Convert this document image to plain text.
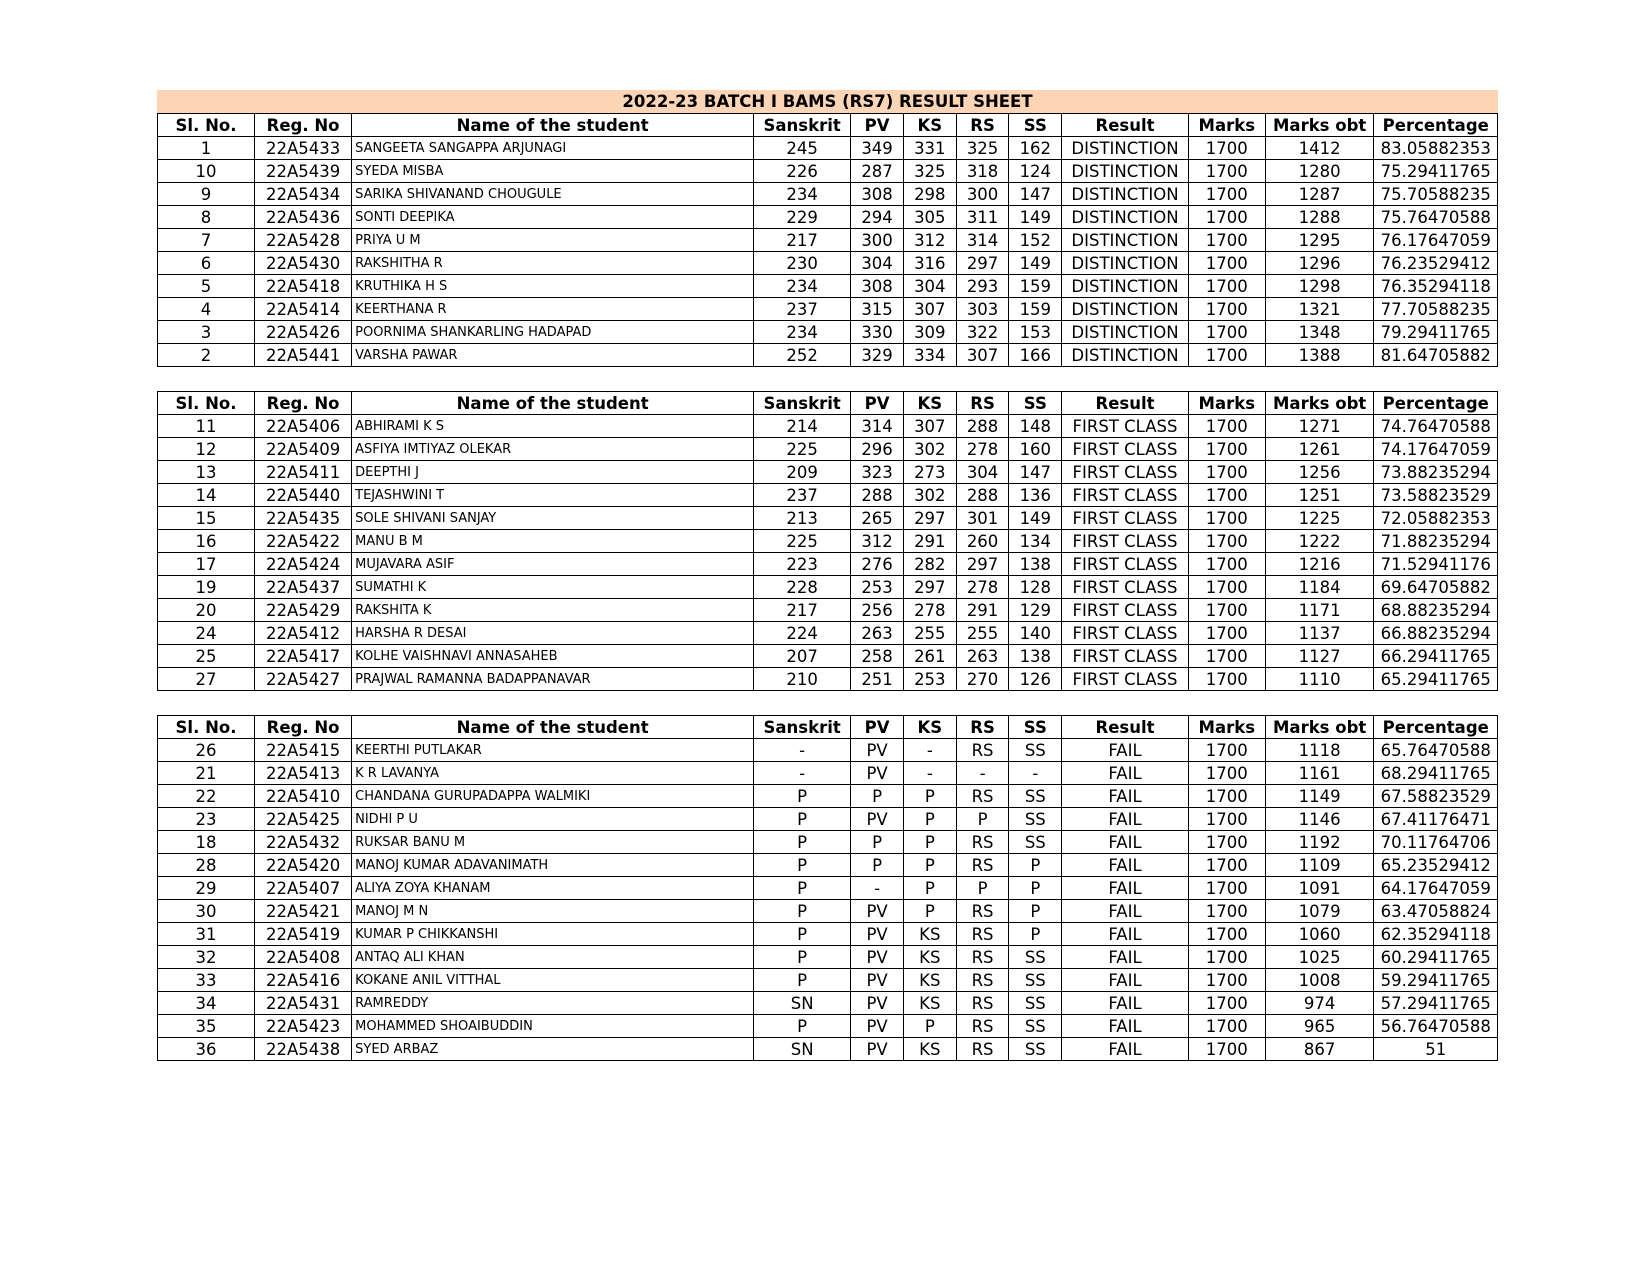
2022-23 BATCH I BAMS (RS7) RESULT SHEET
Sl. No.	Reg. No	Name of the student	Sanskrit	PV	KS	RS	SS	Result	Marks	Marks obt	Percentage
1	22A5433	SANGEETA SANGAPPA ARJUNAGI	245	349	331	325	162	DISTINCTION	1700	1412	83.05882353
10	22A5439	SYEDA MISBA	226	287	325	318	124	DISTINCTION	1700	1280	75.29411765
9	22A5434	SARIKA SHIVANAND CHOUGULE	234	308	298	300	147	DISTINCTION	1700	1287	75.70588235
8	22A5436	SONTI DEEPIKA	229	294	305	311	149	DISTINCTION	1700	1288	75.76470588
7	22A5428	PRIYA U M	217	300	312	314	152	DISTINCTION	1700	1295	76.17647059
6	22A5430	RAKSHITHA R	230	304	316	297	149	DISTINCTION	1700	1296	76.23529412
5	22A5418	KRUTHIKA H S	234	308	304	293	159	DISTINCTION	1700	1298	76.35294118
4	22A5414	KEERTHANA R	237	315	307	303	159	DISTINCTION	1700	1321	77.70588235
3	22A5426	POORNIMA SHANKARLING HADAPAD	234	330	309	322	153	DISTINCTION	1700	1348	79.29411765
2	22A5441	VARSHA PAWAR	252	329	334	307	166	DISTINCTION	1700	1388	81.64705882
Sl. No.	Reg. No	Name of the student	Sanskrit	PV	KS	RS	SS	Result	Marks	Marks obt	Percentage
11	22A5406	ABHIRAMI K S	214	314	307	288	148	FIRST CLASS	1700	1271	74.76470588
12	22A5409	ASFIYA IMTIYAZ OLEKAR	225	296	302	278	160	FIRST CLASS	1700	1261	74.17647059
13	22A5411	DEEPTHI J	209	323	273	304	147	FIRST CLASS	1700	1256	73.88235294
14	22A5440	TEJASHWINI T	237	288	302	288	136	FIRST CLASS	1700	1251	73.58823529
15	22A5435	SOLE SHIVANI SANJAY	213	265	297	301	149	FIRST CLASS	1700	1225	72.05882353
16	22A5422	MANU B M	225	312	291	260	134	FIRST CLASS	1700	1222	71.88235294
17	22A5424	MUJAVARA ASIF	223	276	282	297	138	FIRST CLASS	1700	1216	71.52941176
19	22A5437	SUMATHI K	228	253	297	278	128	FIRST CLASS	1700	1184	69.64705882
20	22A5429	RAKSHITA K	217	256	278	291	129	FIRST CLASS	1700	1171	68.88235294
24	22A5412	HARSHA R DESAI	224	263	255	255	140	FIRST CLASS	1700	1137	66.88235294
25	22A5417	KOLHE VAISHNAVI ANNASAHEB	207	258	261	263	138	FIRST CLASS	1700	1127	66.29411765
27	22A5427	PRAJWAL RAMANNA BADAPPANAVAR	210	251	253	270	126	FIRST CLASS	1700	1110	65.29411765
Sl. No.	Reg. No	Name of the student	Sanskrit	PV	KS	RS	SS	Result	Marks	Marks obt	Percentage
26	22A5415	KEERTHI PUTLAKAR	-	PV	-	RS	SS	FAIL	1700	1118	65.76470588
21	22A5413	K R LAVANYA	-	PV	-	-	-	FAIL	1700	1161	68.29411765
22	22A5410	CHANDANA GURUPADAPPA WALMIKI	P	P	P	RS	SS	FAIL	1700	1149	67.58823529
23	22A5425	NIDHI P U	P	PV	P	P	SS	FAIL	1700	1146	67.41176471
18	22A5432	RUKSAR BANU M	P	P	P	RS	SS	FAIL	1700	1192	70.11764706
28	22A5420	MANOJ KUMAR ADAVANIMATH	P	P	P	RS	P	FAIL	1700	1109	65.23529412
29	22A5407	ALIYA ZOYA KHANAM	P	-	P	P	P	FAIL	1700	1091	64.17647059
30	22A5421	MANOJ M N	P	PV	P	RS	P	FAIL	1700	1079	63.47058824
31	22A5419	KUMAR P CHIKKANSHI	P	PV	KS	RS	P	FAIL	1700	1060	62.35294118
32	22A5408	ANTAQ ALI KHAN	P	PV	KS	RS	SS	FAIL	1700	1025	60.29411765
33	22A5416	KOKANE ANIL VITTHAL	P	PV	KS	RS	SS	FAIL	1700	1008	59.29411765
34	22A5431	RAMREDDY	SN	PV	KS	RS	SS	FAIL	1700	974	57.29411765
35	22A5423	MOHAMMED SHOAIBUDDIN	P	PV	P	RS	SS	FAIL	1700	965	56.76470588
36	22A5438	SYED ARBAZ	SN	PV	KS	RS	SS	FAIL	1700	867	51
